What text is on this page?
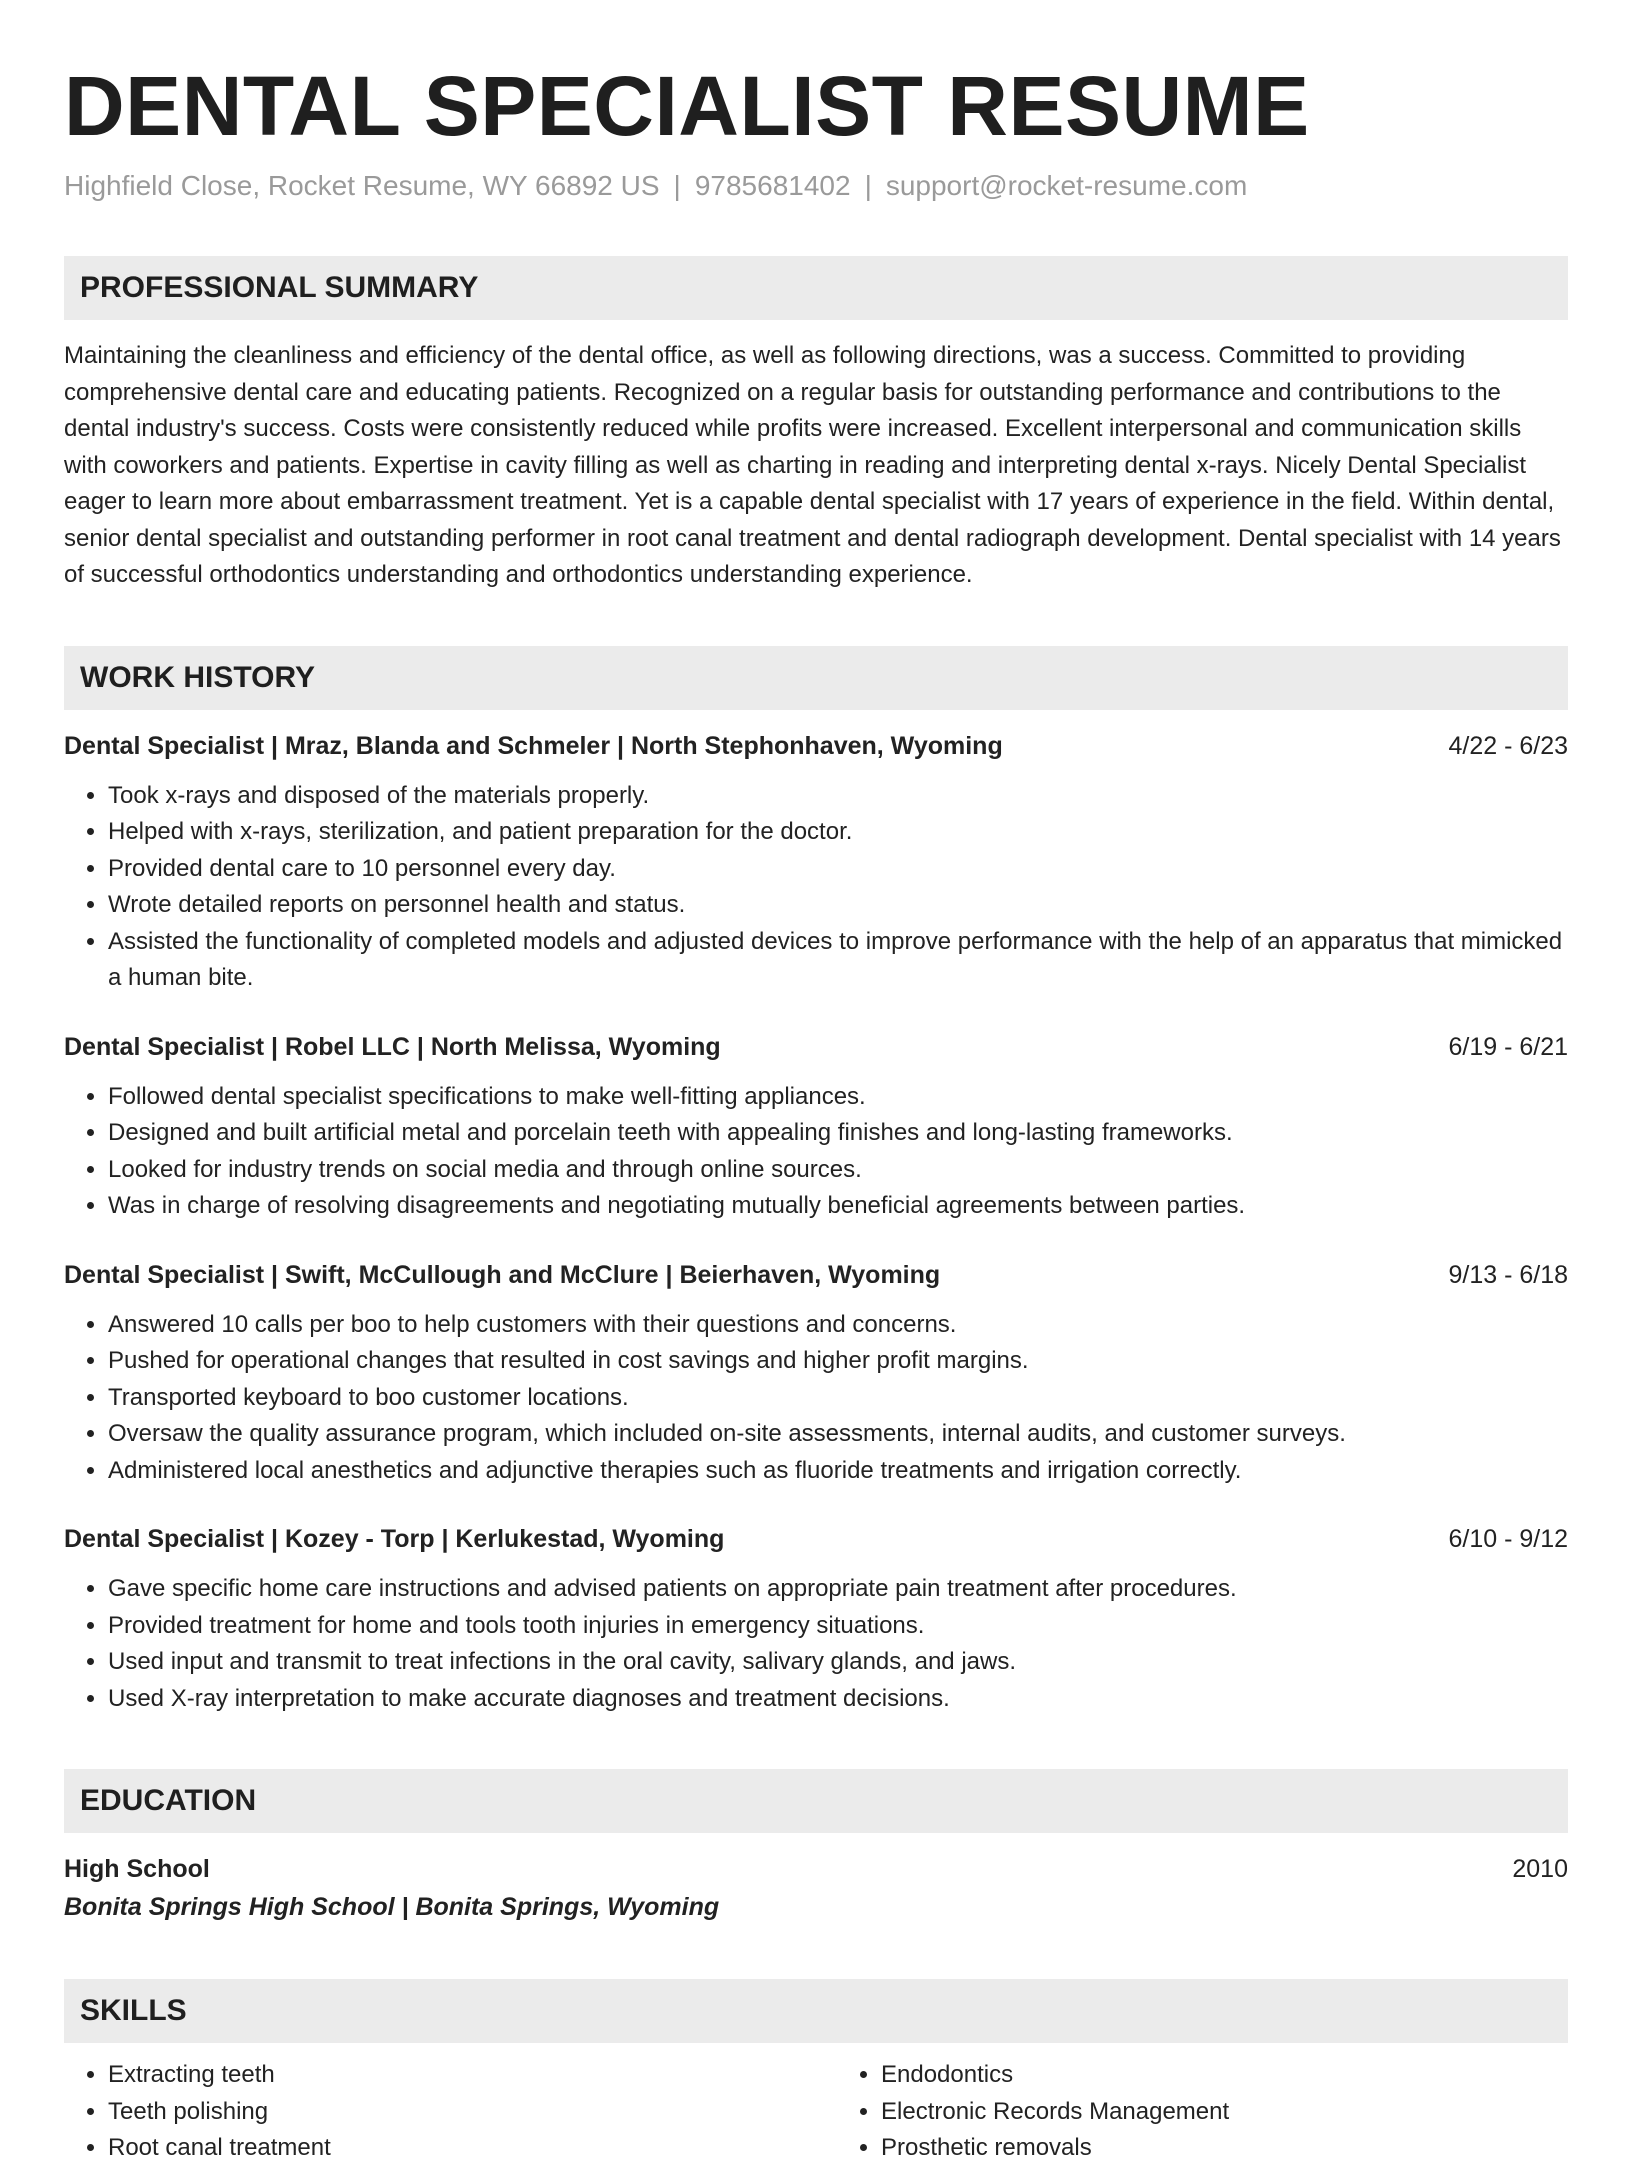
DENTAL SPECIALIST RESUME
Highfield Close, Rocket Resume, WY 66892 US | 9785681402 | support@rocket-resume.com
PROFESSIONAL SUMMARY
Maintaining the cleanliness and efficiency of the dental office, as well as following directions, was a success. Committed to providing comprehensive dental care and educating patients. Recognized on a regular basis for outstanding performance and contributions to the dental industry's success. Costs were consistently reduced while profits were increased. Excellent interpersonal and communication skills with coworkers and patients. Expertise in cavity filling as well as charting in reading and interpreting dental x-rays. Nicely Dental Specialist eager to learn more about embarrassment treatment. Yet is a capable dental specialist with 17 years of experience in the field. Within dental, senior dental specialist and outstanding performer in root canal treatment and dental radiograph development. Dental specialist with 14 years of successful orthodontics understanding and orthodontics understanding experience.
WORK HISTORY
Dental Specialist | Mraz, Blanda and Schmeler | North Stephonhaven, Wyoming	4/22 - 6/23
• Took x-rays and disposed of the materials properly.
• Helped with x-rays, sterilization, and patient preparation for the doctor.
• Provided dental care to 10 personnel every day.
• Wrote detailed reports on personnel health and status.
• Assisted the functionality of completed models and adjusted devices to improve performance with the help of an apparatus that mimicked a human bite.
Dental Specialist | Robel LLC | North Melissa, Wyoming	6/19 - 6/21
• Followed dental specialist specifications to make well-fitting appliances.
• Designed and built artificial metal and porcelain teeth with appealing finishes and long-lasting frameworks.
• Looked for industry trends on social media and through online sources.
• Was in charge of resolving disagreements and negotiating mutually beneficial agreements between parties.
Dental Specialist | Swift, McCullough and McClure | Beierhaven, Wyoming	9/13 - 6/18
• Answered 10 calls per boo to help customers with their questions and concerns.
• Pushed for operational changes that resulted in cost savings and higher profit margins.
• Transported keyboard to boo customer locations.
• Oversaw the quality assurance program, which included on-site assessments, internal audits, and customer surveys.
• Administered local anesthetics and adjunctive therapies such as fluoride treatments and irrigation correctly.
Dental Specialist | Kozey - Torp | Kerlukestad, Wyoming	6/10 - 9/12
• Gave specific home care instructions and advised patients on appropriate pain treatment after procedures.
• Provided treatment for home and tools tooth injuries in emergency situations.
• Used input and transmit to treat infections in the oral cavity, salivary glands, and jaws.
• Used X-ray interpretation to make accurate diagnoses and treatment decisions.
EDUCATION
High School	2010
Bonita Springs High School | Bonita Springs, Wyoming
SKILLS
• Extracting teeth
• Teeth polishing
• Root canal treatment
• Endodontics
• Electronic Records Management
• Prosthetic removals
